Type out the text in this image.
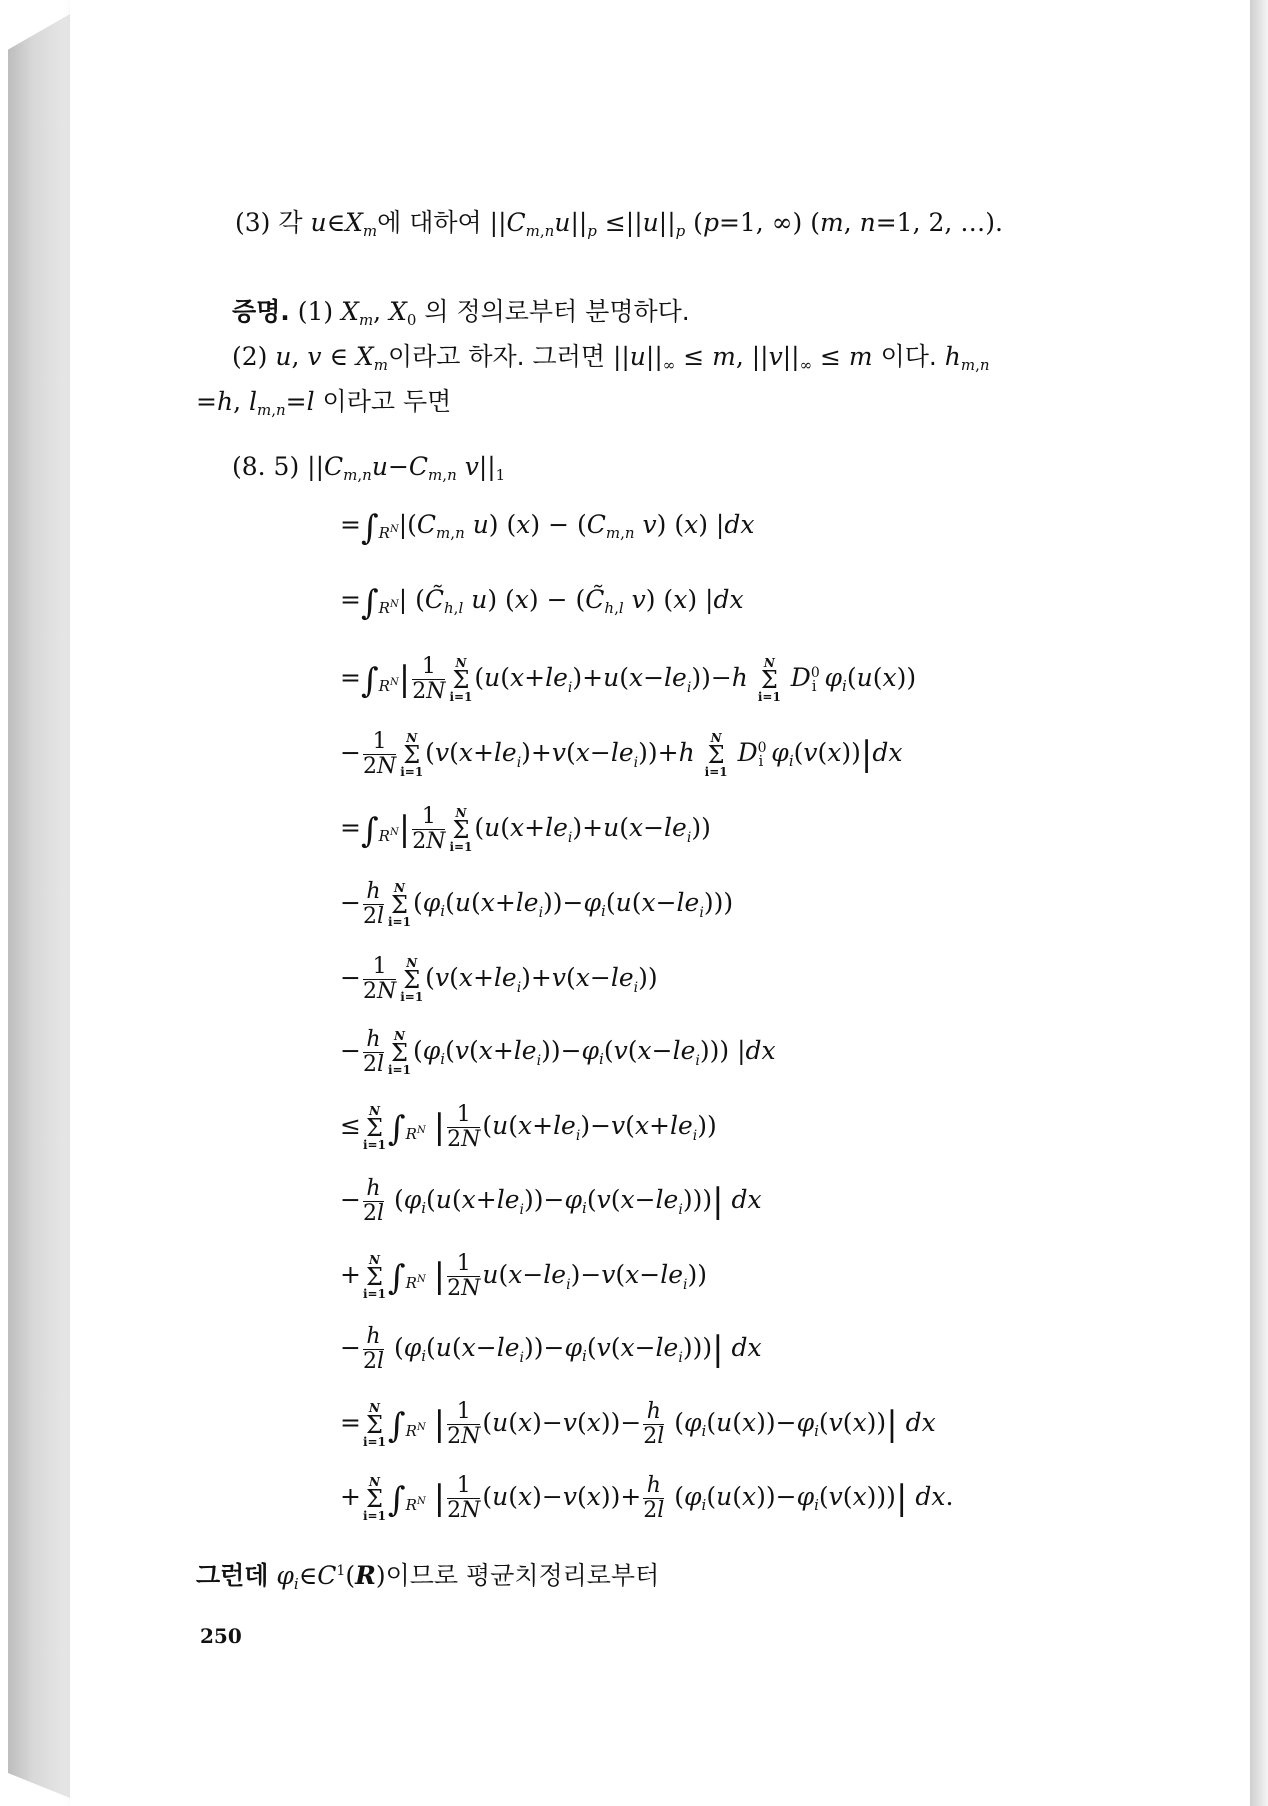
(3) 각 $u\in X_m$에 대하여 $||C_{m,n}u||_p \le||u||_p$ (p=1, ∞) (m, n=1, 2, …).
증명. (1) $X_m$, $X_0$ 의 정의로부터 분명하다.
(2) u, v ∈ $X_m$이라고 하자. 그러면 $||u||_\infty \le m$, $||v||_\infty \le m$ 이다. $h_{m,n}$
=h, $l_{m,n}=l$ 이라고 두면
(8. 5) $||C_{m,n}u-C_{m,n}$ $v||_1$
$=\int_{R^N}|(C_{m,n}$ u) $(x) - (C_{m,n}$ v) (x) |dx
$=\int_{R^N}|$ ($C̃_{h,l}$ u) $(x) - (C̃_{h,l}$ v) (x) |dx
$=\int_{R^N}| \frac{1}{2N}$ N
Σ
i=1
$(u(x+le_i)+u(x-le_i))-h$
N
Σ
i=1
$D^0_i$ $\varphi_i(u(x))$
− $\frac{1}{2N}$ N
Σ
i=1
$(v(x+le_i)+v(x-le_i))+h$
N
Σ
i=1
$D^0_i$ $\varphi_i(v(x))|dx$
$=\int_{R^N}| \frac{1}{2N}$ N
Σ
i=1
$(u(x+le_i)+u(x-le_i))$
− $\frac{h}{2l}$ N
Σ
i=1
$(\varphi_i(u(x+le_i))-\varphi_i(u(x-le_i)))$
− $\frac{1}{2N}$ N
Σ
i=1
$(v(x+le_i)+v(x-le_i))$
− $\frac{h}{2l}$ N
Σ
i=1
$(\varphi_i(v(x+le_i))-\varphi_i(v(x-le_i)))$ |dx
≤
N
Σ
i=1 $\int_{R^N}$ | $\frac{1}{2N} (u(x+le_i)-v(x+le_i))$
− $\frac{h}{2l} (\varphi_i(u(x+le_i))-\varphi_i(v(x-le_i)))|$ dx
+
N
Σ
i=1 $\int_{R^N}$ | $\frac{1}{2N} u(x-le_i)-v(x-le_i)$)
− $\frac{h}{2l} (\varphi_i(u(x-le_i))-\varphi_i(v(x-le_i)))|$ dx
=
N
Σ
i=1 $\int_{R^N}$ | $\frac{1}{2N} (u(x)-v(x))- \frac{h}{2l} (\varphi_i(u(x))-\varphi_i(v(x))|$ dx
+
N
Σ
i=1 $\int_{R^N}$ | $\frac{1}{2N} (u(x)-v(x))+ \frac{h}{2l} (\varphi_i(u(x))-\varphi_i(v(x)))|$ dx.
그런데 $\varphi_i\in C^1(R)$이므로 평균치정리로부터
250
